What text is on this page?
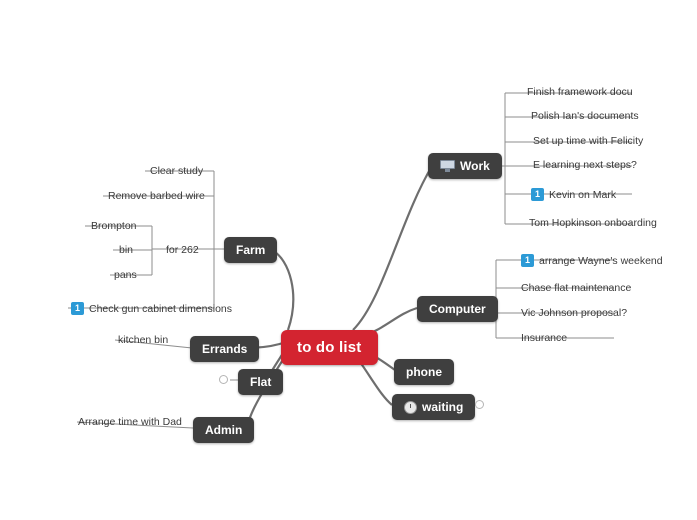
to do list
Work
Finish framework docu
Polish Ian's documents
Set up time with Felicity
E learning next steps?
1 Kevin on Mark
Tom Hopkinson onboarding
Computer
1 arrange Wayne's weekend
Chase flat maintenance
Vic Johnson proposal?
Insurance
phone
waiting
Admin
Arrange time with Dad
Flat
Errands
kitchen bin
Farm
Clear study
Remove barbed wire
for 262
Brompton
bin
pans
1 Check gun cabinet dimensions
